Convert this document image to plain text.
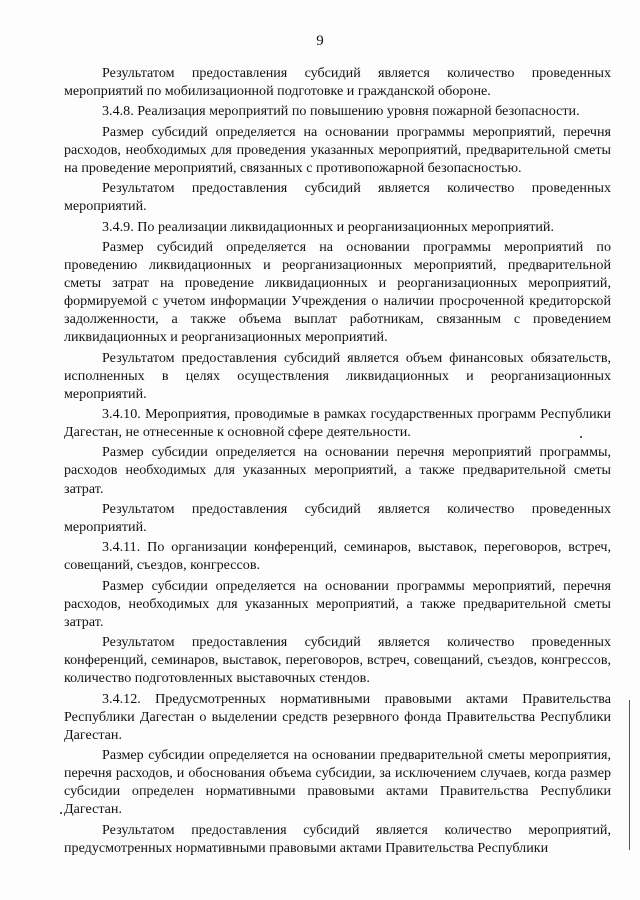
9

Результатом предоставления субсидий является количество проведенных мероприятий по мобилизационной подготовке и гражданской обороне.

3.4.8. Реализация мероприятий по повышению уровня пожарной безопасности.

Размер субсидий определяется на основании программы мероприятий, перечня расходов, необходимых для проведения указанных мероприятий, предварительной сметы на проведение мероприятий, связанных с противопожарной безопасностью.

Результатом предоставления субсидий является количество проведенных мероприятий.

3.4.9. По реализации ликвидационных и реорганизационных мероприятий.

Размер субсидий определяется на основании программы мероприятий по проведению ликвидационных и реорганизационных мероприятий, предварительной сметы затрат на проведение ликвидационных и реорганизационных мероприятий, формируемой с учетом информации Учреждения о наличии просроченной кредиторской задолженности, а также объема выплат работникам, связанным с проведением ликвидационных и реорганизационных мероприятий.

Результатом предоставления субсидий является объем финансовых обязательств, исполненных в целях осуществления ликвидационных и реорганизационных мероприятий.

3.4.10. Мероприятия, проводимые в рамках государственных программ Республики Дагестан, не отнесенные к основной сфере деятельности.

Размер субсидии определяется на основании перечня мероприятий программы, расходов необходимых для указанных мероприятий, а также предварительной сметы затрат.

Результатом предоставления субсидий является количество проведенных мероприятий.

3.4.11. По организации конференций, семинаров, выставок, переговоров, встреч, совещаний, съездов, конгрессов.

Размер субсидии определяется на основании программы мероприятий, перечня расходов, необходимых для указанных мероприятий, а также предварительной сметы затрат.

Результатом предоставления субсидий является количество проведенных конференций, семинаров, выставок, переговоров, встреч, совещаний, съездов, конгрессов, количество подготовленных выставочных стендов.

3.4.12. Предусмотренных нормативными правовыми актами Правительства Республики Дагестан о выделении средств резервного фонда Правительства Республики Дагестан.

Размер субсидии определяется на основании предварительной сметы мероприятия, перечня расходов, и обоснования объема субсидии, за исключением случаев, когда размер субсидии определен нормативными правовыми актами Правительства Республики Дагестан.

Результатом предоставления субсидий является количество мероприятий, предусмотренных нормативными правовыми актами Правительства Республики
